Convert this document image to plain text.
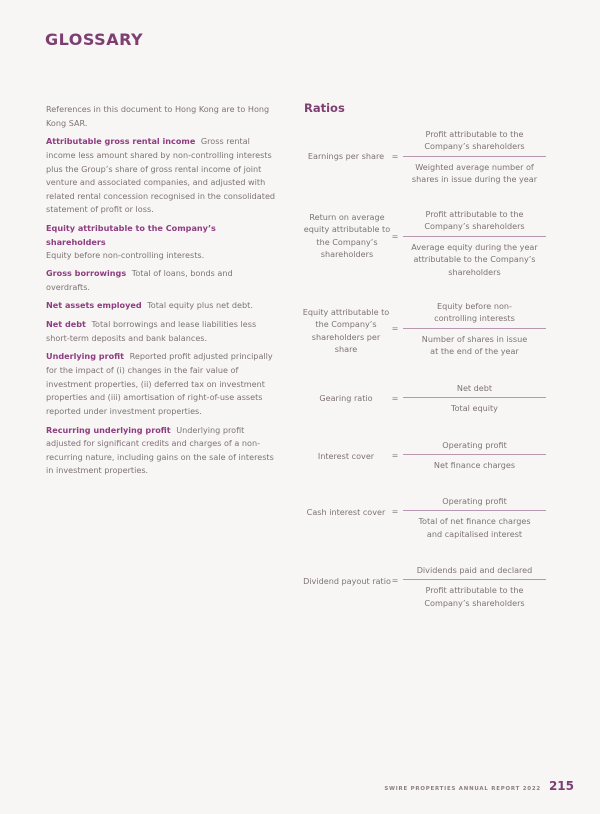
GLOSSARY

References in this document to Hong Kong are to Hong Kong SAR.

Attributable gross rental income Gross rental income less amount shared by non-controlling interests plus the Group’s share of gross rental income of joint venture and associated companies, and adjusted with related rental concession recognised in the consolidated statement of profit or loss.

Equity attributable to the Company’s shareholders
Equity before non-controlling interests.

Gross borrowings Total of loans, bonds and overdrafts.

Net assets employed Total equity plus net debt.

Net debt Total borrowings and lease liabilities less short-term deposits and bank balances.

Underlying profit Reported profit adjusted principally for the impact of (i) changes in the fair value of investment properties, (ii) deferred tax on investment properties and (iii) amortisation of right-of-use assets reported under investment properties.

Recurring underlying profit Underlying profit adjusted for significant credits and charges of a non-recurring nature, including gains on the sale of interests in investment properties.

Ratios
Earnings per share =
Profit attributable to the Company’s shareholders
Weighted average number of shares in issue during the year
Return on average equity attributable to the Company’s shareholders
=
Profit attributable to the Company’s shareholders
Average equity during the year attributable to the Company’s shareholders
Equity attributable to the Company’s shareholders per share
=
Equity before non-controlling interests
Number of shares in issue at the end of the year
Gearing ratio	=
Net debt
Total equity
Interest cover	=
Operating profit
Net finance charges
Cash interest cover =
Operating profit
Total of net finance charges and capitalised interest
Dividend payout ratio =
Dividends paid and declared
Profit attributable to the Company’s shareholders
SWIRE PROPERTIES ANNUAL REPORT 2022 215
